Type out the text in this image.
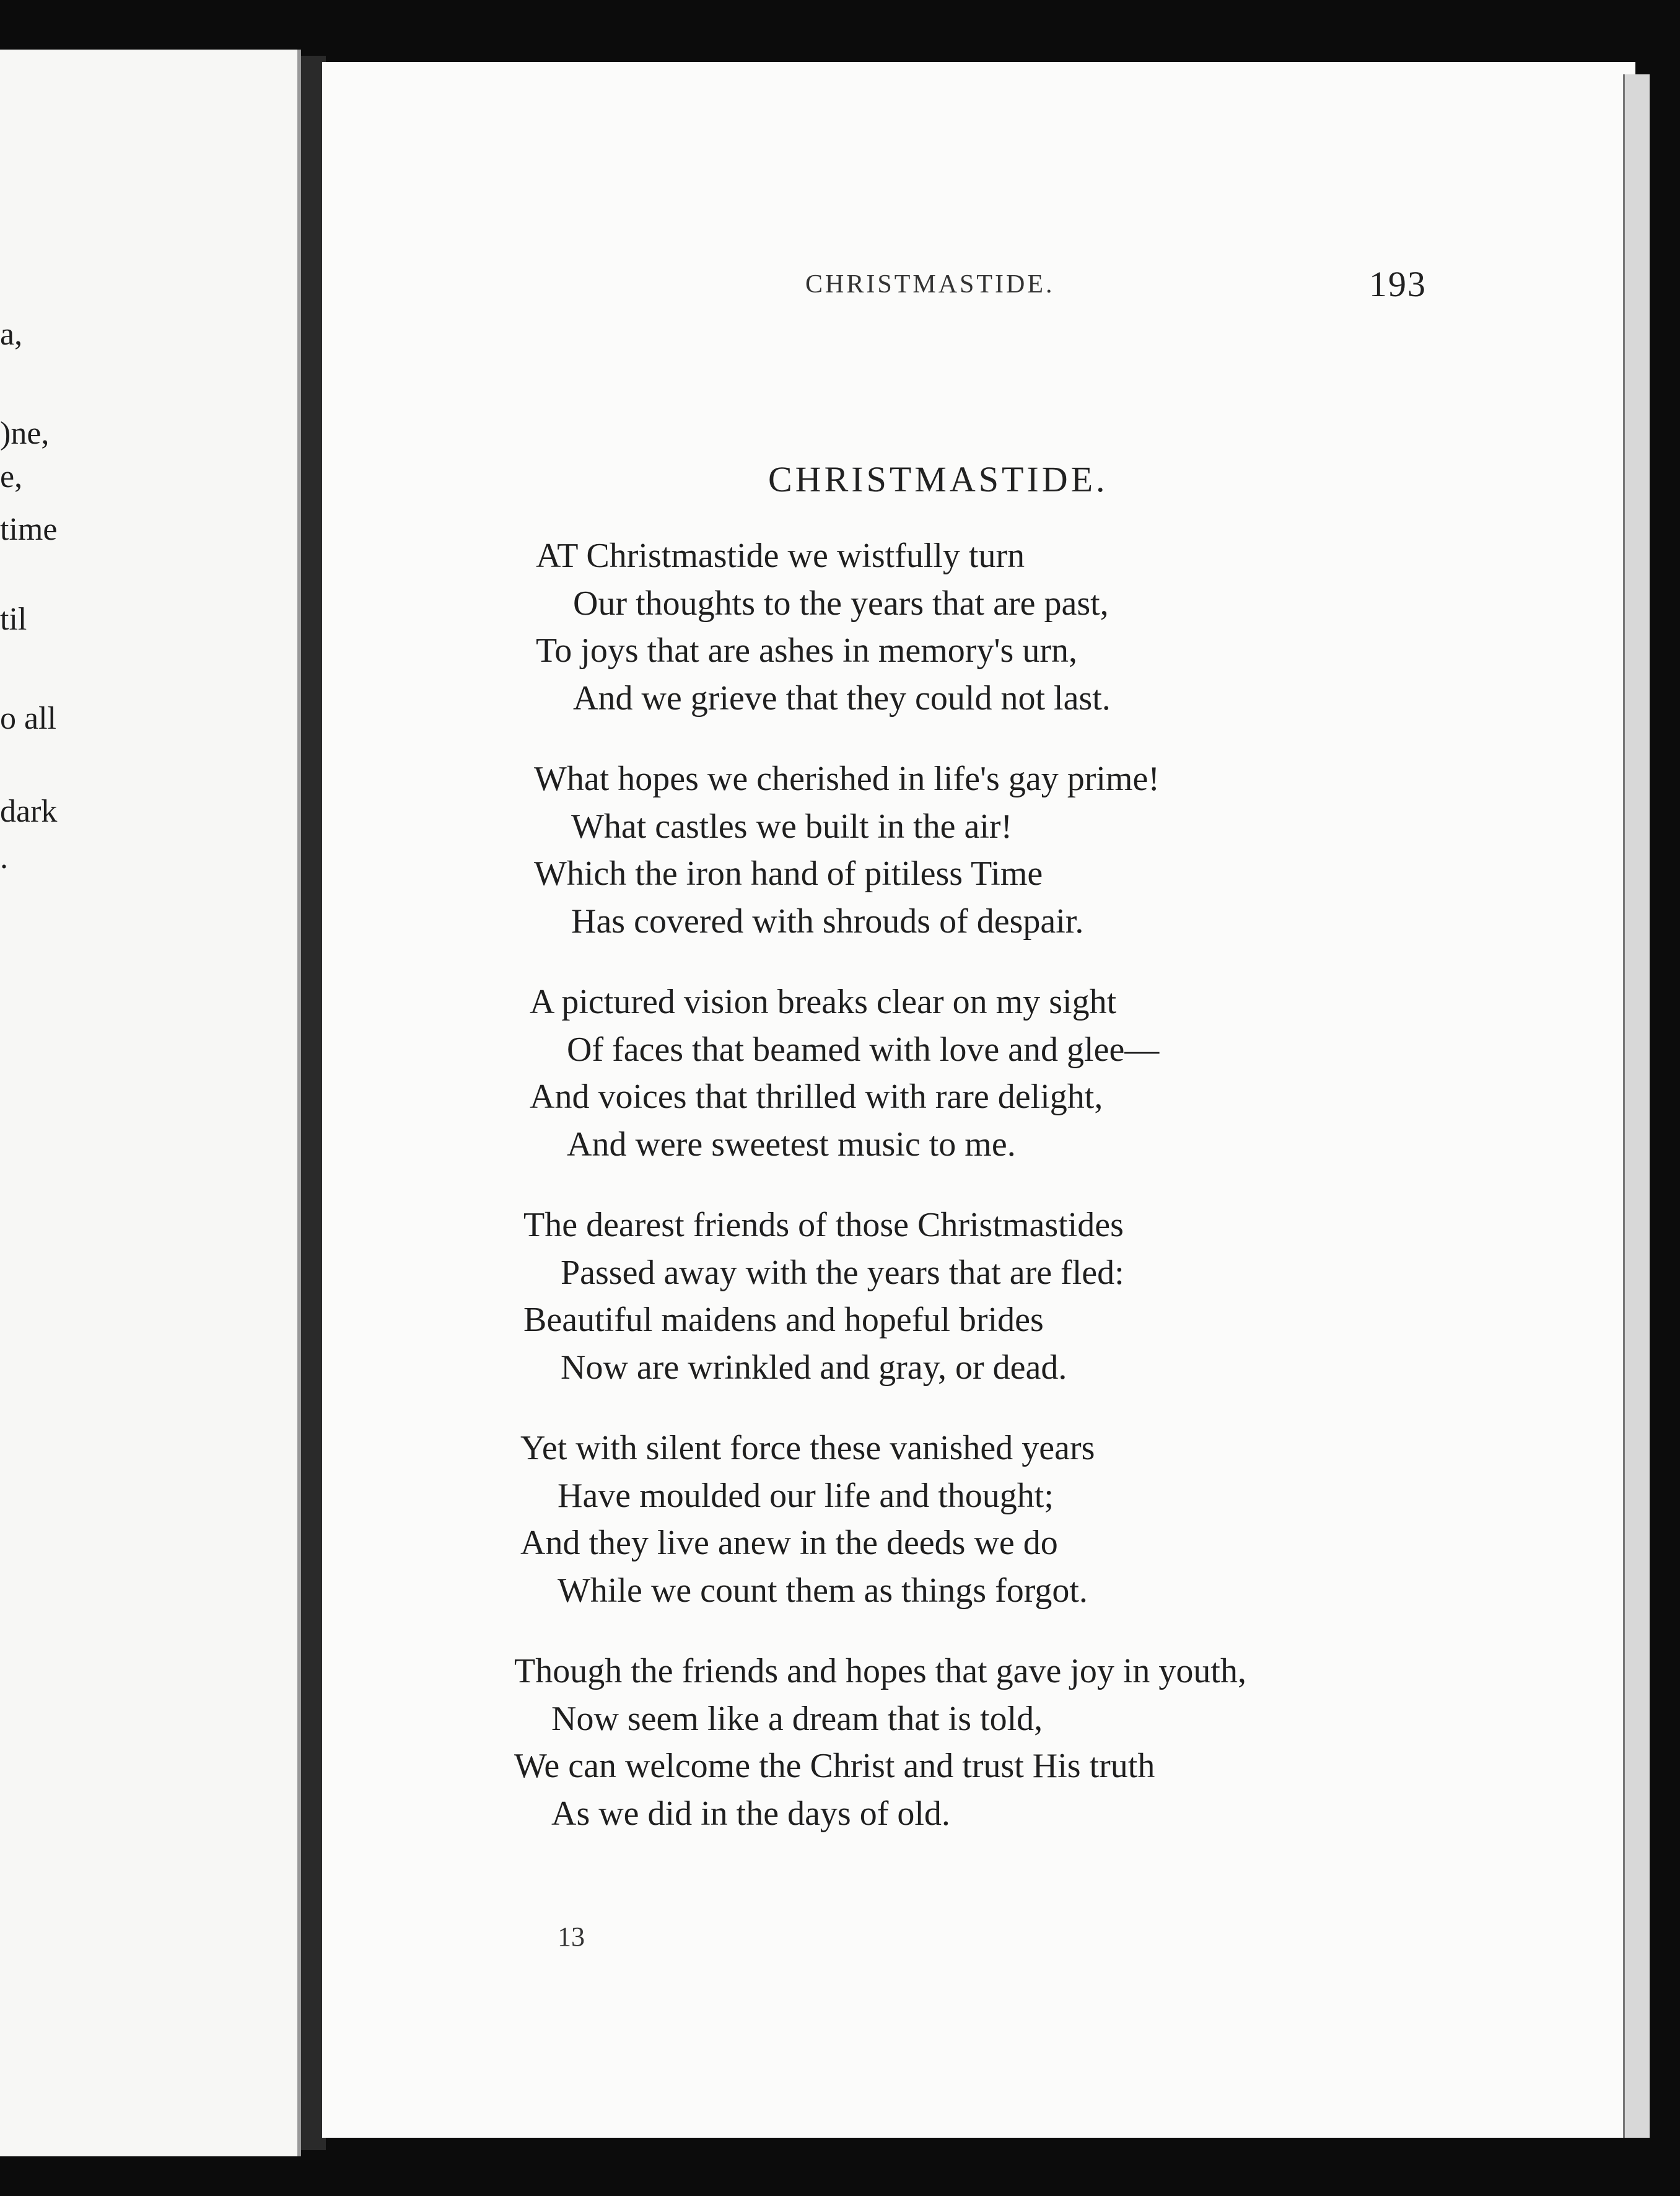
a,
)ne,
e,
time
til
o all
dark
.
CHRISTMASTIDE.	193
CHRISTMASTIDE.
AT Christmastide we wistfully turn
Our thoughts to the years that are past,
To joys that are ashes in memory's urn,
And we grieve that they could not last.
What hopes we cherished in life's gay prime!
What castles we built in the air!
Which the iron hand of pitiless Time
Has covered with shrouds of despair.
A pictured vision breaks clear on my sight
Of faces that beamed with love and glee—
And voices that thrilled with rare delight,
And were sweetest music to me.
The dearest friends of those Christmastides
Passed away with the years that are fled:
Beautiful maidens and hopeful brides
Now are wrinkled and gray, or dead.
Yet with silent force these vanished years
Have moulded our life and thought;
And they live anew in the deeds we do
While we count them as things forgot.
Though the friends and hopes that gave joy in youth,
Now seem like a dream that is told,
We can welcome the Christ and trust His truth
As we did in the days of old.
13
